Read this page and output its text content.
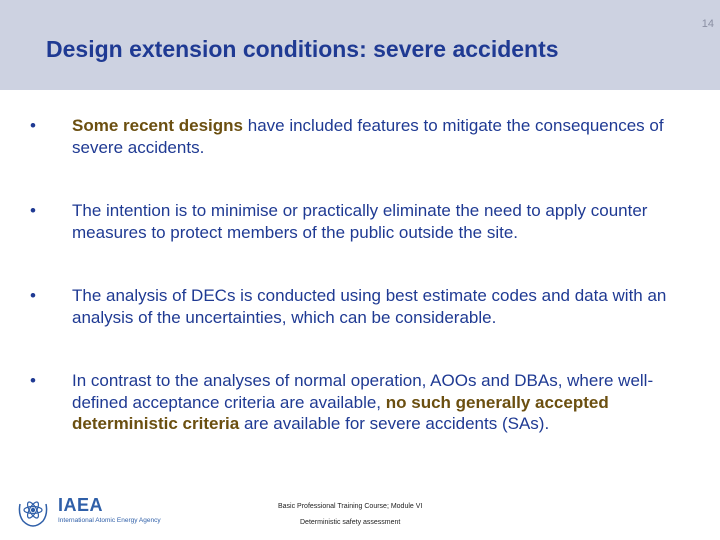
14
Design extension conditions: severe accidents
•	Some recent designs have included features to mitigate the consequences of severe accidents.
•	The intention is to minimise or practically eliminate the need to apply counter measures to protect members of the public outside the site.
•	The analysis of DECs is conducted using best estimate codes and data with an analysis of the uncertainties, which can be considerable.
•	In contrast to the analyses of normal operation, AOOs and DBAs, where well-defined acceptance criteria are available, no such generally accepted deterministic criteria are available for severe accidents (SAs).
IAEA
International Atomic Energy Agency
Basic Professional Training Course; Module VI
Deterministic safety assessment
